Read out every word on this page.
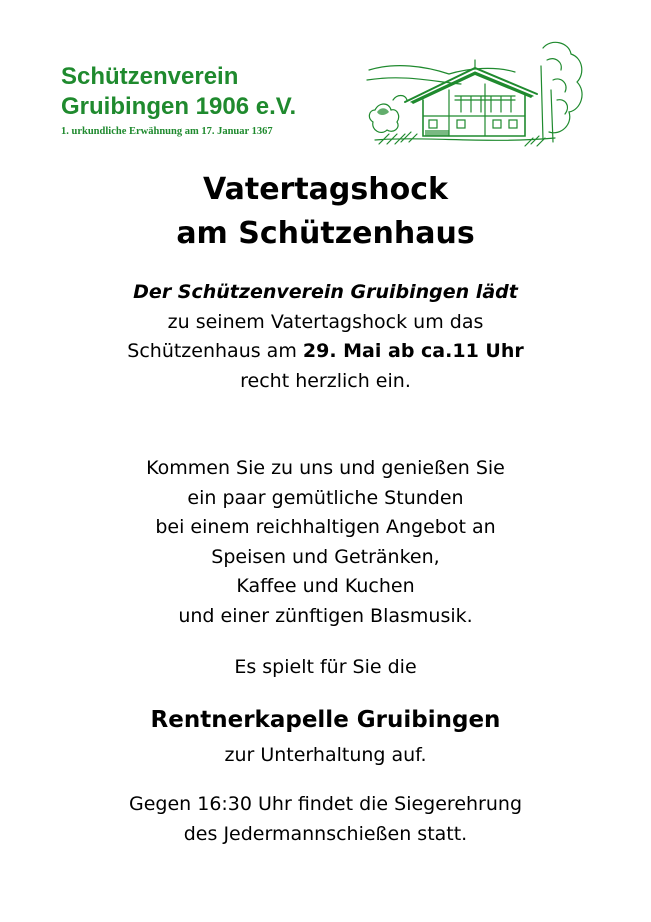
Schützenverein
Gruibingen 1906 e.V.
1. urkundliche Erwähnung am 17. Januar 1367
Vatertagshock
am Schützenhaus
Der Schützenverein Gruibingen lädt
zu seinem Vatertagshock um das
Schützenhaus am 29. Mai ab ca.11 Uhr
recht herzlich ein.
Kommen Sie zu uns und genießen Sie
ein paar gemütliche Stunden
bei einem reichhaltigen Angebot an
Speisen und Getränken,
Kaffee und Kuchen
und einer zünftigen Blasmusik.
Es spielt für Sie die
Rentnerkapelle Gruibingen
zur Unterhaltung auf.
Gegen 16:30 Uhr findet die Siegerehrung
des Jedermannschießen statt.
